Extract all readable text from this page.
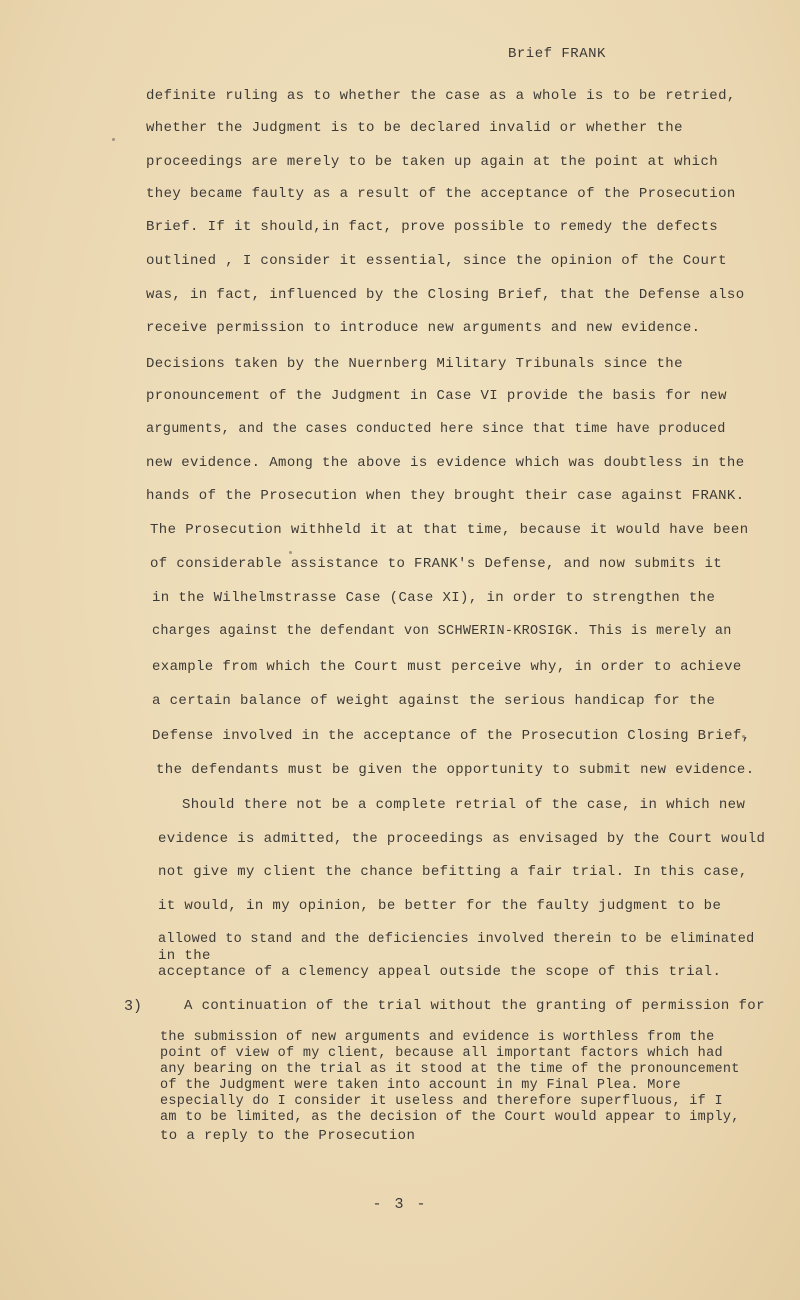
Brief FRANK
definite ruling as to whether the case as a whole is to be retried,
whether the Judgment is to be declared invalid or whether the
proceedings are merely to be taken up again at the point at which
they became faulty as a result of the acceptance of the Prosecution
Brief. If it should,in fact, prove possible to remedy the defects
outlined , I consider it essential, since the opinion of the Court
was, in fact, influenced by the Closing Brief, that the Defense also
receive permission to introduce new arguments and new evidence.
Decisions taken by the Nuernberg Military Tribunals since the
pronouncement of the Judgment in Case VI provide the basis for new
arguments, and the cases conducted here since that time have produced
new evidence. Among the above is evidence which was doubtless in the
hands of the Prosecution when they brought their case against FRANK.
The Prosecution withheld it at that time, because it would have been
of considerable assistance to FRANK's Defense, and now submits it
in the Wilhelmstrasse Case (Case XI), in order to strengthen the
charges against the defendant von SCHWERIN-KROSIGK. This is merely an
example from which the Court must perceive why, in order to achieve
a certain balance of weight against the serious handicap for the
Defense involved in the acceptance of the Prosecution Closing Brief,
the defendants must be given the opportunity to submit new evidence.
Should there not be a complete retrial of the case, in which new
evidence is admitted, the proceedings as envisaged by the Court would
not give my client the chance befitting a fair trial. In this case,
it would, in my opinion, be better for the faulty judgment to be
allowed to stand and the deficiencies involved therein to be eliminated
in the
acceptance of a clemency appeal outside the scope of this trial.
3)	A continuation of the trial without the granting of permission for
the submission of new arguments and evidence is worthless from the
point of view of my client, because all important factors which had
any bearing on the trial as it stood at the time of the pronouncement
of the Judgment were taken into account in my Final Plea. More
especially do I consider it useless and therefore superfluous, if I
am to be limited, as the decision of the Court would appear to imply,
to a reply to the Prosecution
- 3 -
